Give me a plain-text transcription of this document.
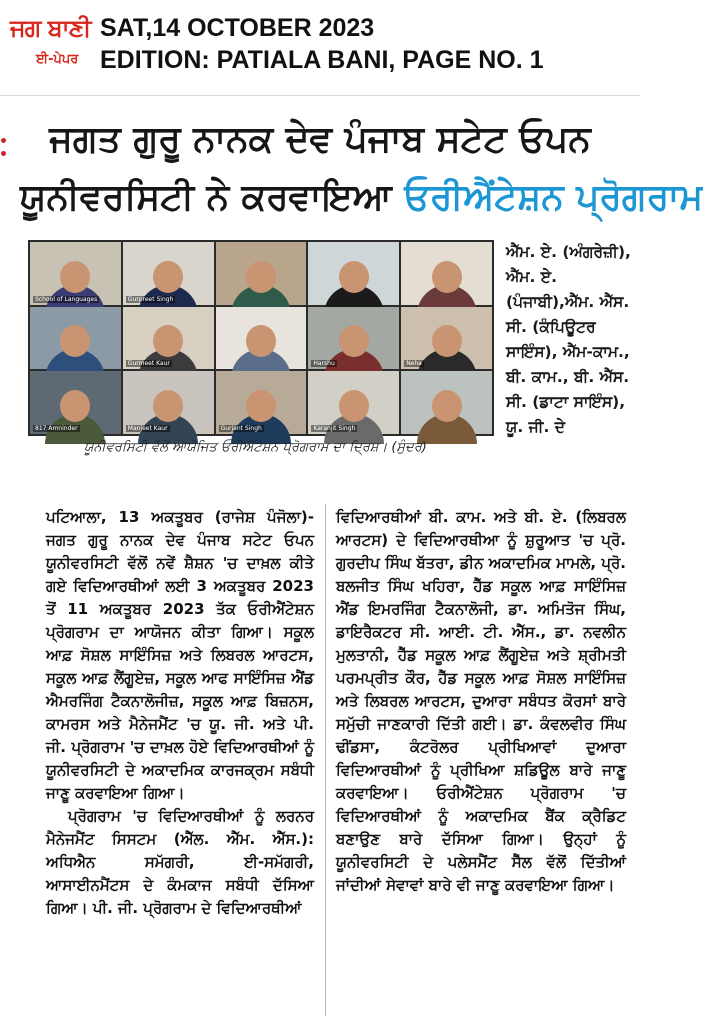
ਜਗ ਬਾਣੀ
ਈ-ਪੇਪਰ
SAT,14 OCTOBER 2023
EDITION: PATIALA BANI, PAGE NO. 1
ਜਗਤ ਗੁਰੂ ਨਾਨਕ ਦੇਵ ਪੰਜਾਬ ਸਟੇਟ ਓਪਨ
ਯੂਨੀਵਰਸਿਟੀ ਨੇ ਕਰਵਾਇਆ ਓਰੀਐਂਟੇਸ਼ਨ ਪ੍ਰੋਗਰਾਮ
School of Languages	Gurpreet Singh
Gurmeet Kaur	Harshu	Neha
817 Amninder	Manjeet Kaur	Gurjant Singh	Karanjit Singh
ਯੂਨੀਵਰਸਿਟੀ ਵੱਲੋਂ ਆਯੋਜਿਤ ਓਰੀਐਂਟੇਸ਼ਨ ਪ੍ਰੋਗਰਾਮ ਦਾ ਦ੍ਰਿਸ਼। (ਸੁੰਦਰ)
ਐੱਮ. ਏ. (ਅੰਗਰੇਜ਼ੀ), ਐੱਮ. ਏ.(ਪੰਜਾਬੀ),ਐੱਮ. ਐੱਸ. ਸੀ. (ਕੰਪਿਊਟਰ ਸਾਇੰਸ), ਐੱਮ-ਕਾਮ., ਬੀ. ਕਾਮ., ਬੀ. ਐੱਸ. ਸੀ. (ਡਾਟਾ ਸਾਇੰਸ), ਯੂ. ਜੀ. ਦੇ

ਪਟਿਆਲਾ, 13 ਅਕਤੂਬਰ (ਰਾਜੇਸ਼ ਪੰਜੋਲਾ)- ਜਗਤ ਗੁਰੂ ਨਾਨਕ ਦੇਵ ਪੰਜਾਬ ਸਟੇਟ ਓਪਨ ਯੂਨੀਵਰਸਿਟੀ ਵੱਲੋਂ ਨਵੇਂ ਸ਼ੈਸ਼ਨ 'ਚ ਦਾਖ਼ਲ ਕੀਤੇ ਗਏ ਵਿਦਿਆਰਥੀਆਂ ਲਈ 3 ਅਕਤੂਬਰ 2023 ਤੋਂ 11 ਅਕਤੂਬਰ 2023 ਤੱਕ ਓਰੀਐਂਟੇਸ਼ਨ ਪ੍ਰੋਗਰਾਮ ਦਾ ਆਯੋਜਨ ਕੀਤਾ ਗਿਆ। ਸਕੂਲ ਆਫ਼ ਸੋਸ਼ਲ ਸਾਇੰਸਿਜ਼ ਅਤੇ ਲਿਬਰਲ ਆਰਟਸ, ਸਕੂਲ ਆਫ਼ ਲੈਂਗੂਏਜ਼, ਸਕੂਲ ਆਫ ਸਾਇੰਸਿਜ਼ ਐਂਡ ਐਮਰਜਿੰਗ ਟੈਕਨਾਲੋਜੀਜ਼, ਸਕੂਲ ਆਫ਼ ਬਿਜ਼ਨਸ, ਕਾਮਰਸ ਅਤੇ ਮੈਨੇਜਮੈਂਟ 'ਚ ਯੂ. ਜੀ. ਅਤੇ ਪੀ. ਜੀ. ਪ੍ਰੋਗਰਾਮ 'ਚ ਦਾਖ਼ਲ ਹੋਏ ਵਿਦਿਆਰਥੀਆਂ ਨੂੰ ਯੂਨੀਵਰਸਿਟੀ ਦੇ ਅਕਾਦਮਿਕ ਕਾਰਜਕ੍ਰਮ ਸਬੰਧੀ ਜਾਣੂ ਕਰਵਾਇਆ ਗਿਆ।

ਪ੍ਰੋਗਰਾਮ 'ਚ ਵਿਦਿਆਰਥੀਆਂ ਨੂੰ ਲਰਨਰ ਮੈਨੇਜਮੈਂਟ ਸਿਸਟਮ (ਐੱਲ. ਐੱਮ. ਐੱਸ.): ਅਧਿਐਨ ਸਮੱਗਰੀ, ਈ-ਸਮੱਗਰੀ, ਆਸਾਈਨਮੈਂਟਸ ਦੇ ਕੰਮਕਾਜ ਸਬੰਧੀ ਦੱਸਿਆ ਗਿਆ। ਪੀ. ਜੀ. ਪ੍ਰੋਗਰਾਮ ਦੇ ਵਿਦਿਆਰਥੀਆਂ

ਵਿਦਿਆਰਥੀਆਂ ਬੀ. ਕਾਮ. ਅਤੇ ਬੀ. ਏ. (ਲਿਬਰਲ ਆਰਟਸ) ਦੇ ਵਿਦਿਆਰਥੀਆ ਨੂੰ ਸ਼ੁਰੂਆਤ 'ਚ ਪ੍ਰੋ. ਗੁਰਦੀਪ ਸਿੰਘ ਬੱਤਰਾ, ਡੀਨ ਅਕਾਦਮਿਕ ਮਾਮਲੇ, ਪ੍ਰੋ. ਬਲਜੀਤ ਸਿੰਘ ਖਹਿਰਾ, ਹੈੱਡ ਸਕੂਲ ਆਫ਼ ਸਾਇੰਸਿਜ਼ ਐਂਡ ਇਮਰਜਿੰਗ ਟੈਕਨਾਲੋਜੀ, ਡਾ. ਅਮਿਤੋਜ ਸਿੰਘ, ਡਾਇਰੈਕਟਰ ਸੀ. ਆਈ. ਟੀ. ਐੱਸ., ਡਾ. ਨਵਲੀਨ ਮੁਲਤਾਨੀ, ਹੈੱਡ ਸਕੂਲ ਆਫ਼ ਲੈਂਗੂਏਜ਼ ਅਤੇ ਸ਼੍ਰੀਮਤੀ ਪਰਮਪ੍ਰੀਤ ਕੌਰ, ਹੈੱਡ ਸਕੂਲ ਆਫ਼ ਸੋਸ਼ਲ ਸਾਇੰਸਿਜ਼ ਅਤੇ ਲਿਬਰਲ ਆਰਟਸ, ਦੁਆਰਾ ਸਬੰਧਤ ਕੋਰਸਾਂ ਬਾਰੇ ਸਮੁੱਚੀ ਜਾਣਕਾਰੀ ਦਿੱਤੀ ਗਈ। ਡਾ. ਕੰਵਲਵੀਰ ਸਿੰਘ ਢੀਂਡਸਾ, ਕੰਟਰੋਲਰ ਪ੍ਰੀਖਿਆਵਾਂ ਦੁਆਰਾ ਵਿਦਿਆਰਥੀਆਂ ਨੂੰ ਪ੍ਰੀਖਿਆ ਸ਼ਡਿਊਲ ਬਾਰੇ ਜਾਣੂ ਕਰਵਾਇਆ। ਓਰੀਐਂਟੇਸ਼ਨ ਪ੍ਰੋਗਰਾਮ 'ਚ ਵਿਦਿਆਰਥੀਆਂ ਨੂੰ ਅਕਾਦਮਿਕ ਬੈਂਕ ਕ੍ਰੈਡਿਟ ਬਣਾਉਣ ਬਾਰੇ ਦੱਸਿਆ ਗਿਆ। ਉਨ੍ਹਾਂ ਨੂੰ ਯੂਨੀਵਰਸਿਟੀ ਦੇ ਪਲੇਸਮੈਂਟ ਸੈੱਲ ਵੱਲੋਂ ਦਿੱਤੀਆਂ ਜਾਂਦੀਆਂ ਸੇਵਾਵਾਂ ਬਾਰੇ ਵੀ ਜਾਣੂ ਕਰਵਾਇਆ ਗਿਆ।
